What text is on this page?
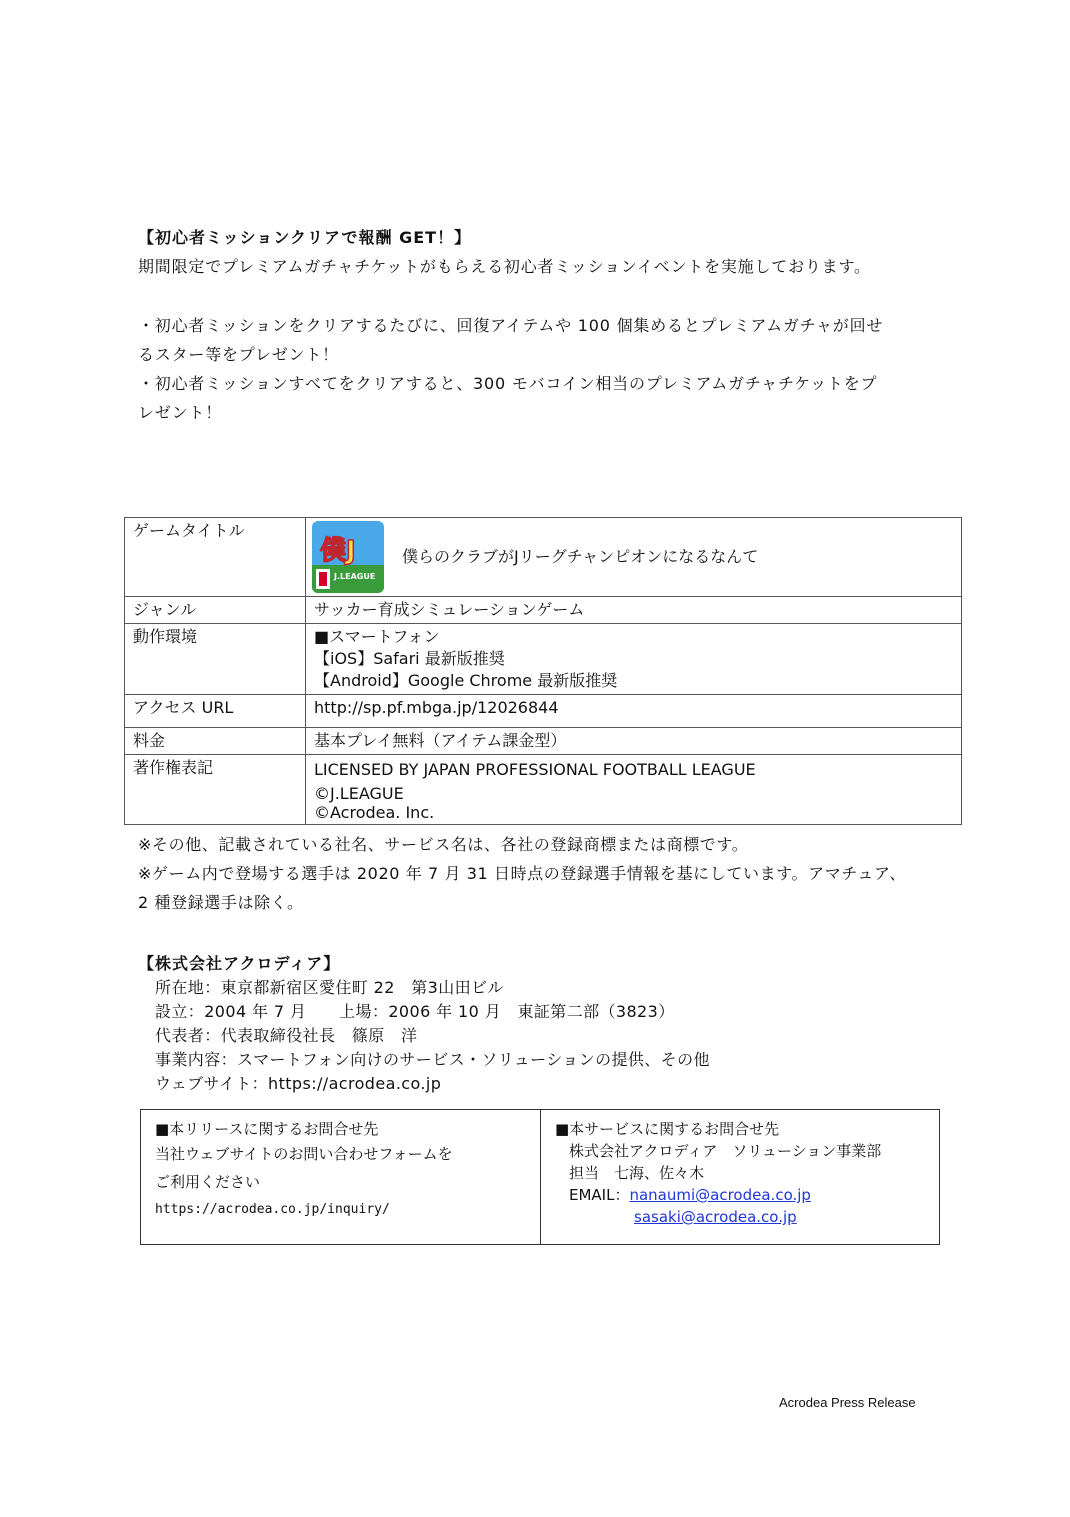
【初心者ミッションクリアで報酬 GET！】
期間限定でプレミアムガチャチケットがもらえる初心者ミッションイベントを実施しております。
・初心者ミッションをクリアするたびに、回復アイテムや 100 個集めるとプレミアムガチャが回せ
るスター等をプレゼント！
・初心者ミッションすべてをクリアすると、300 モバコイン相当のプレミアムガチャチケットをプ
レゼント！
ゲームタイトル	僕J
J.LEAGUE
僕らのクラブがJリーグチャンピオンになるなんて

ジャンル	サッカー育成シミュレーションゲーム
動作環境	■スマートフォン
【iOS】Safari 最新版推奨
【Android】Google Chrome 最新版推奨

アクセス URL	http://sp.pf.mbga.jp/12026844
料金	基本プレイ無料（アイテム課金型）
著作権表記	LICENSED BY JAPAN PROFESSIONAL FOOTBALL LEAGUE
©J.LEAGUE
©Acrodea. Inc.
※その他、記載されている社名、サービス名は、各社の登録商標または商標です。
※ゲーム内で登場する選手は 2020 年 7 月 31 日時点の登録選手情報を基にしています。アマチュア、
2 種登録選手は除く。
【株式会社アクロディア】
所在地：東京都新宿区愛住町 22　第3山田ビル
設立：2004 年 7 月　　上場：2006 年 10 月　東証第二部（3823）
代表者：代表取締役社長　篠原　洋
事業内容：スマートフォン向けのサービス・ソリューションの提供、その他
ウェブサイト：https://acrodea.co.jp
■本リリースに関するお問合せ先
当社ウェブサイトのお問い合わせフォームを
ご利用ください
https://acrodea.co.jp/inquiry/
■本サービスに関するお問合せ先
株式会社アクロディア　ソリューション事業部
担当　七海、佐々木
EMAIL：nanaumi@acrodea.co.jp
sasaki@acrodea.co.jp
Acrodea Press Release
